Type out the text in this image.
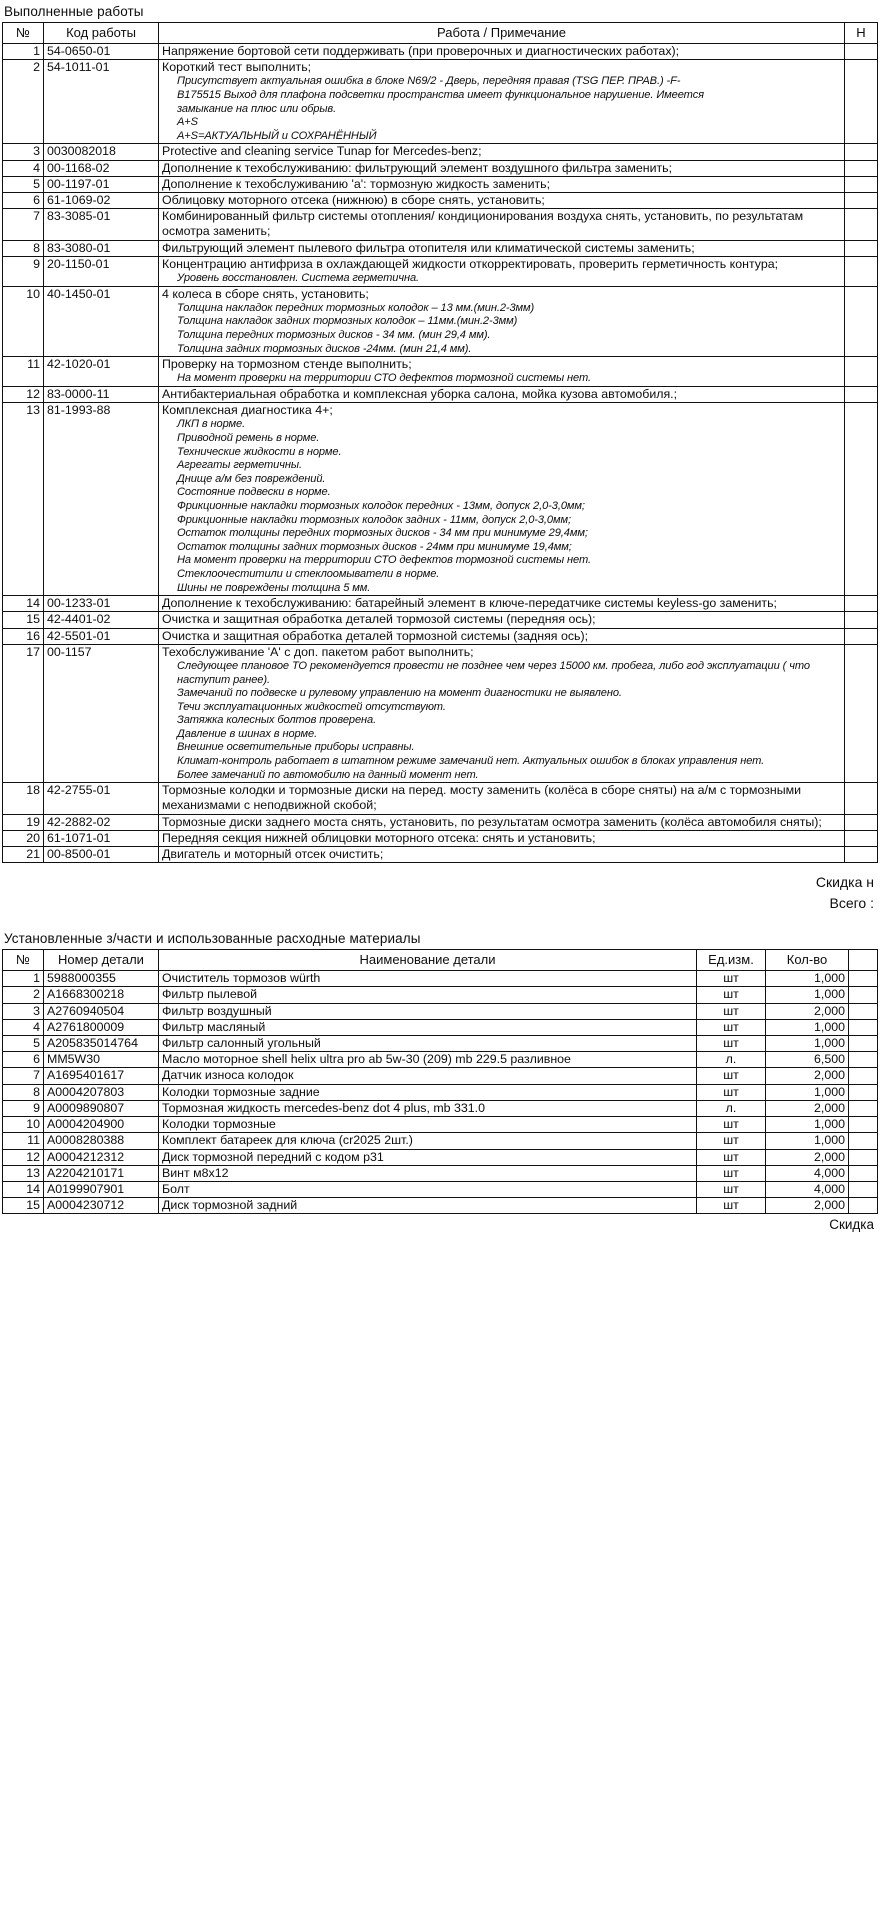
Выполненные работы
№	Код работы	Работа / Примечание	H
1	54-0650-01	Напряжение бортовой сети поддерживать (при проверочных и диагностических работах);	

2	54-1011-01	Короткий тест выполнить;
Присутствует актуальная ошибка в блоке N69/2 - Дверь, передняя правая (TSG ПЕР. ПРАВ.) -F-
B175515 Выход для плафона подсветки пространства имеет функциональное нарушение. Имеется
замыкание на плюс или обрыв.
A+S
A+S=АКТУАЛЬНЫЙ и СОХРАНЁННЫЙ

3	0030082018	Protective and cleaning service Tunap for Mercedes-benz;	

4	00-1168-02	Дополнение к техобслуживанию: фильтрующий элемент воздушного фильтра заменить;	

5	00-1197-01	Дополнение к техобслуживанию 'a': тормозную жидкость заменить;	

6	61-1069-02	Облицовку моторного отсека (нижнюю) в сборе снять, установить;	

7	83-3085-01	Комбинированный фильтр системы отопления/ кондиционирования воздуха снять, установить, по результатам осмотра заменить;	

8	83-3080-01	Фильтрующий элемент пылевого фильтра отопителя или климатической системы заменить;	

9	20-1150-01	Концентрацию антифриза в охлаждающей жидкости откорректировать, проверить герметичность контура;
Уровень восстановлен. Система герметична.	

10	40-1450-01	4 колеса в сборе снять, установить;
Толщина накладок передних тормозных колодок – 13 мм.(мин.2-3мм)
Толщина накладок задних тормозных колодок – 11мм.(мин.2-3мм)
Толщина передних тормозных дисков - 34 мм. (мин 29,4 мм).
Толщина задних тормозных дисков -24мм. (мин 21,4 мм).	

11	42-1020-01	Проверку на тормозном стенде выполнить;
На момент проверки на территории СТО дефектов тормозной системы нет.	

12	83-0000-11	Антибактериальная обработка и комплексная уборка салона, мойка кузова автомобиля.;	

13	81-1993-88	Комплексная диагностика 4+;
ЛКП в норме.
Приводной ремень в норме.
Технические жидкости в норме.
Агрегаты герметичны.
Днище а/м без повреждений.
Состояние подвески в норме.
Фрикционные накладки тормозных колодок передних - 13мм, допуск 2,0-3,0мм;
Фрикционные накладки тормозных колодок задних - 11мм, допуск 2,0-3,0мм;
Остаток толщины передних тормозных дисков - 34 мм при минимуме 29,4мм;
Остаток толщины задних тормозных дисков - 24мм при минимуме 19,4мм;
На момент проверки на территории СТО дефектов тормозной системы нет.
Стеклоочеститили и стеклоомыватели в норме.
Шины не повреждены толщина 5 мм.

14	00-1233-01	Дополнение к техобслуживанию: батарейный элемент в ключе-передатчике системы keyless-go заменить;	

15	42-4401-02	Очистка и защитная обработка деталей тормозой системы (передняя ось);	

16	42-5501-01	Очистка и защитная обработка деталей тормозной системы (задняя ось);	

17	00-1157	Техобслуживание 'A' с доп. пакетом работ выполнить;
Следующее плановое ТО рекомендуется провести не позднее чем через 15000 км. пробега, либо год эксплуатации ( что наступит ранее).
Замечаний по подвеске и рулевому управлению на момент диагностики не выявлено.
Течи эксплуатационных жидкостей отсутствуют.
Затяжка колесных болтов проверена.
Давление в шинах в норме.
Внешние осветительные приборы исправны.
Климат-контроль работает в штатном режиме замечаний нет. Актуальных ошибок в блоках управления нет.
Более замечаний по автомобилю на данный момент нет.

18	42-2755-01	Тормозные колодки и тормозные диски на перед. мосту заменить (колёса в сборе сняты) на а/м с тормозными механизмами с неподвижной скобой;	

19	42-2882-02	Тормозные диски заднего моста снять, установить, по результатам осмотра заменить (колёса автомобиля сняты);	

20	61-1071-01	Передняя секция нижней облицовки моторного отсека: снять и установить;	

21	00-8500-01	Двигатель и моторный отсек очистить;	

Скидка н
Всего :
Установленные з/части и использованные расходные материалы
№	Номер детали	Наименование детали	Ед.изм.	Кол-во	
1	5988000355	Очиститель тормозов würth	шт	1,000	
2	A1668300218	Фильтр пылевой	шт	1,000	
3	A2760940504	Фильтр воздушный	шт	2,000	
4	A2761800009	Фильтр масляный	шт	1,000	
5	A205835014764	Фильтр салонный угольный	шт	1,000	
6	MM5W30	Масло моторное shell helix ultra pro ab 5w-30 (209) mb 229.5 разливное	л.	6,500	
7	A1695401617	Датчик износа колодок	шт	2,000	
8	A0004207803	Колодки тормозные задние	шт	1,000	
9	A0009890807	Тормозная жидкость mercedes-benz dot 4 plus, mb 331.0	л.	2,000	
10	A0004204900	Колодки тормозные	шт	1,000	
11	A0008280388	Комплект батареек для ключа (cr2025 2шт.)	шт	1,000	
12	A0004212312	Диск тормозной передний с кодом p31	шт	2,000	
13	A2204210171	Винт м8х12	шт	4,000	
14	A0199907901	Болт	шт	4,000	
15	A0004230712	Диск тормозной задний	шт	2,000	
Скидка
